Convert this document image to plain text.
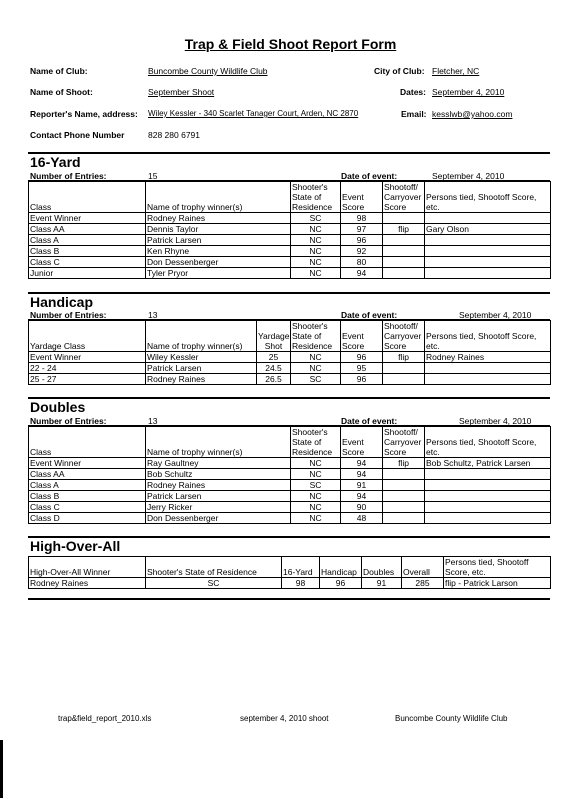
Trap & Field Shoot Report Form
Name of Club:	Buncombe County Wildlife Club	City of Club: Fletcher, NC
Name of Shoot:	September Shoot	Dates: September 4, 2010
Reporter's Name, address: Wiley Kessler - 340 Scarlet Tanager Court, Arden, NC 2870	Email: kesslwb@yahoo.com
Contact Phone Number	828 280 6791
16-Yard
Number of Entries:	15	Date of event:	September 4, 2010
Class	Name of trophy winner(s)	Shooter's State of Residence	Event Score	Shootoff/ Carryover Score	Persons tied, Shootoff Score, etc.
Event Winner	Rodney Raines	SC	98		
Class AA	Dennis Taylor	NC	97	flip	Gary Olson
Class A	Patrick Larsen	NC	96		
Class B	Ken Rhyne	NC	92		
Class C	Don Dessenberger	NC	80		
Junior	Tyler Pryor	NC	94		
Handicap
Number of Entries:	13	Date of event:	September 4, 2010
Yardage Class	Name of trophy winner(s)	Yardage Shot	Shooter's State of Residence	Event Score	Shootoff/ Carryover Score	Persons tied, Shootoff Score, etc.
Event Winner	Wiley Kessler	25	NC	96	flip	Rodney Raines
22 - 24	Patrick Larsen	24.5	NC	95		
25 - 27	Rodney Raines	26.5	SC	96		
Doubles
Number of Entries:	13	Date of event:	September 4, 2010
Class	Name of trophy winner(s)	Shooter's State of Residence	Event Score	Shootoff/ Carryover Score	Persons tied, Shootoff Score, etc.
Event Winner	Ray Gaultney	NC	94	flip	Bob Schultz, Patrick Larsen
Class AA	Bob Schultz	NC	94		
Class A	Rodney Raines	SC	91		
Class B	Patrick Larsen	NC	94		
Class C	Jerry Ricker	NC	90		
Class D	Don Dessenberger	NC	48		
High-Over-All
High-Over-All Winner	Shooter's State of Residence	16-Yard	Handicap	Doubles	Overall	Persons tied, Shootoff Score, etc.
Rodney Raines	SC	98	96	91	285	flip - Patrick Larson
trap&field_report_2010.xls	september 4, 2010 shoot	Buncombe County Wildlife Club
